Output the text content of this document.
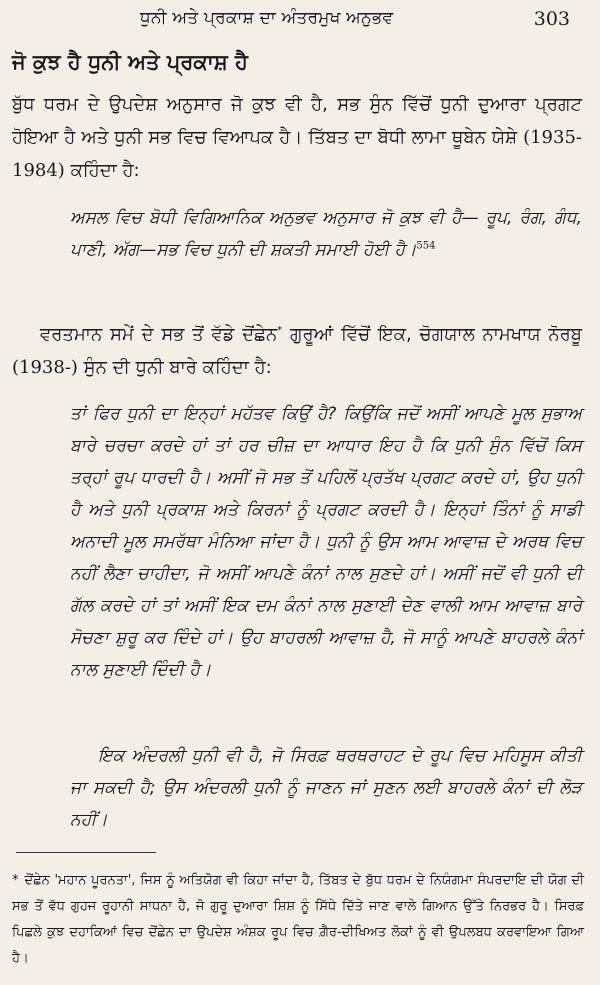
ਧੁਨੀ ਅਤੇ ਪ੍ਰਕਾਸ਼ ਦਾ ਅੰਤਰਮੁਖ ਅਨੁਭਵ	303
ਜੋ ਕੁਝ ਹੈ ਧੁਨੀ ਅਤੇ ਪ੍ਰਕਾਸ਼ ਹੈ

ਬੁੱਧ ਧਰਮ ਦੇ ਉਪਦੇਸ਼ ਅਨੁਸਾਰ ਜੋ ਕੁਝ ਵੀ ਹੈ, ਸਭ ਸੁੰਨ ਵਿੱਚੋਂ ਧੁਨੀ ਦੁਆਰਾ ਪ੍ਰਗਟ ਹੋਇਆ ਹੈ ਅਤੇ ਧੁਨੀ ਸਭ ਵਿਚ ਵਿਆਪਕ ਹੈ। ਤਿੱਬਤ ਦਾ ਬੋਧੀ ਲਾਮਾ ਥੂਬੇਨ ਯੇਸ਼ੇ (1935-1984) ਕਹਿੰਦਾ ਹੈ:

ਅਸਲ ਵਿਚ ਬੋਧੀ ਵਿਗਿਆਨਿਕ ਅਨੁਭਵ ਅਨੁਸਾਰ ਜੋ ਕੁਝ ਵੀ ਹੈ— ਰੂਪ, ਰੰਗ, ਗੰਧ, ਪਾਣੀ, ਅੱਗ—ਸਭ ਵਿਚ ਧੁਨੀ ਦੀ ਸ਼ਕਤੀ ਸਮਾਈ ਹੋਈ ਹੈ।$^{554}$

ਵਰਤਮਾਨ ਸਮੇਂ ਦੇ ਸਭ ਤੋਂ ਵੱਡੇ ਦੋਂਛੇਨ* ਗੁਰੂਆਂ ਵਿੱਚੋਂ ਇਕ, ਚੋਗਯਾਲ ਨਾਮਖਾਯ ਨੋਰਬੂ (1938-) ਸੁੰਨ ਦੀ ਧੁਨੀ ਬਾਰੇ ਕਹਿੰਦਾ ਹੈ:

ਤਾਂ ਫਿਰ ਧੁਨੀ ਦਾ ਇਨ੍ਹਾਂ ਮਹੱਤਵ ਕਿਉਂ ਹੈ? ਕਿਉਂਕਿ ਜਦੋਂ ਅਸੀਂ ਆਪਣੇ ਮੂਲ ਸੁਭਾਅ ਬਾਰੇ ਚਰਚਾ ਕਰਦੇ ਹਾਂ ਤਾਂ ਹਰ ਚੀਜ਼ ਦਾ ਆਧਾਰ ਇਹ ਹੈ ਕਿ ਧੁਨੀ ਸੁੰਨ ਵਿੱਚੋਂ ਕਿਸ ਤਰ੍ਹਾਂ ਰੂਪ ਧਾਰਦੀ ਹੈ। ਅਸੀਂ ਜੋ ਸਭ ਤੋਂ ਪਹਿਲੋਂ ਪ੍ਰਤੱਖ ਪ੍ਰਗਟ ਕਰਦੇ ਹਾਂ, ਉਹ ਧੁਨੀ ਹੈ ਅਤੇ ਧੁਨੀ ਪ੍ਰਕਾਸ਼ ਅਤੇ ਕਿਰਨਾਂ ਨੂੰ ਪ੍ਰਗਟ ਕਰਦੀ ਹੈ। ਇਨ੍ਹਾਂ ਤਿੰਨਾਂ ਨੂੰ ਸਾਡੀ ਅਨਾਦੀ ਮੂਲ ਸਮਰੱਥਾ ਮੰਨਿਆ ਜਾਂਦਾ ਹੈ। ਧੁਨੀ ਨੂੰ ਉਸ ਆਮ ਆਵਾਜ਼ ਦੇ ਅਰਥ ਵਿਚ ਨਹੀਂ ਲੈਣਾ ਚਾਹੀਦਾ, ਜੋ ਅਸੀਂ ਆਪਣੇ ਕੰਨਾਂ ਨਾਲ ਸੁਣਦੇ ਹਾਂ। ਅਸੀਂ ਜਦੋਂ ਵੀ ਧੁਨੀ ਦੀ ਗੱਲ ਕਰਦੇ ਹਾਂ ਤਾਂ ਅਸੀਂ ਇਕ ਦਮ ਕੰਨਾਂ ਨਾਲ ਸੁਣਾਈ ਦੇਣ ਵਾਲੀ ਆਮ ਆਵਾਜ਼ ਬਾਰੇ ਸੋਚਣਾ ਸ਼ੁਰੂ ਕਰ ਦਿੰਦੇ ਹਾਂ। ਉਹ ਬਾਹਰਲੀ ਆਵਾਜ਼ ਹੈ, ਜੋ ਸਾਨੂੰ ਆਪਣੇ ਬਾਹਰਲੇ ਕੰਨਾਂ ਨਾਲ ਸੁਣਾਈ ਦਿੰਦੀ ਹੈ।

ਇਕ ਅੰਦਰਲੀ ਧੁਨੀ ਵੀ ਹੈ, ਜੋ ਸਿਰਫ਼ ਥਰਥਰਾਹਟ ਦੇ ਰੂਪ ਵਿਚ ਮਹਿਸੂਸ ਕੀਤੀ ਜਾ ਸਕਦੀ ਹੈ; ਉਸ ਅੰਦਰਲੀ ਧੁਨੀ ਨੂੰ ਜਾਣਨ ਜਾਂ ਸੁਣਨ ਲਈ ਬਾਹਰਲੇ ਕੰਨਾਂ ਦੀ ਲੋੜ ਨਹੀਂ।

* ਦੋਂਛੇਨ 'ਮਹਾਨ ਪੂਰਨਤਾ', ਜਿਸ ਨੂੰ ਅਤਿਯੋਗ ਵੀ ਕਿਹਾ ਜਾਂਦਾ ਹੈ, ਤਿੱਬਤ ਦੇ ਬੁੱਧ ਧਰਮ ਦੇ ਨਿਯੰਗਮਾ ਸੰਪਰਦਾਇ ਦੀ ਯੋਗ ਦੀ ਸਭ ਤੋਂ ਵੱਧ ਗੁਹਜ ਰੂਹਾਨੀ ਸਾਧਨਾ ਹੈ, ਜੋ ਗੁਰੂ ਦੁਆਰਾ ਸ਼ਿਸ਼ ਨੂੰ ਸਿੱਧੇ ਦਿੱਤੇ ਜਾਣ ਵਾਲੇ ਗਿਆਨ ਉੱਤੇ ਨਿਰਭਰ ਹੈ। ਸਿਰਫ਼ ਪਿਛਲੇ ਕੁਝ ਦਹਾਕਿਆਂ ਵਿਚ ਦੋਂਛੇਨ ਦਾ ਉਪਦੇਸ਼ ਅੰਸ਼ਕ ਰੂਪ ਵਿਚ ਗ਼ੈਰ-ਦੀਖਿਅਤ ਲੋਕਾਂ ਨੂੰ ਵੀ ਉਪਲਬਧ ਕਰਵਾਇਆ ਗਿਆ ਹੈ।
